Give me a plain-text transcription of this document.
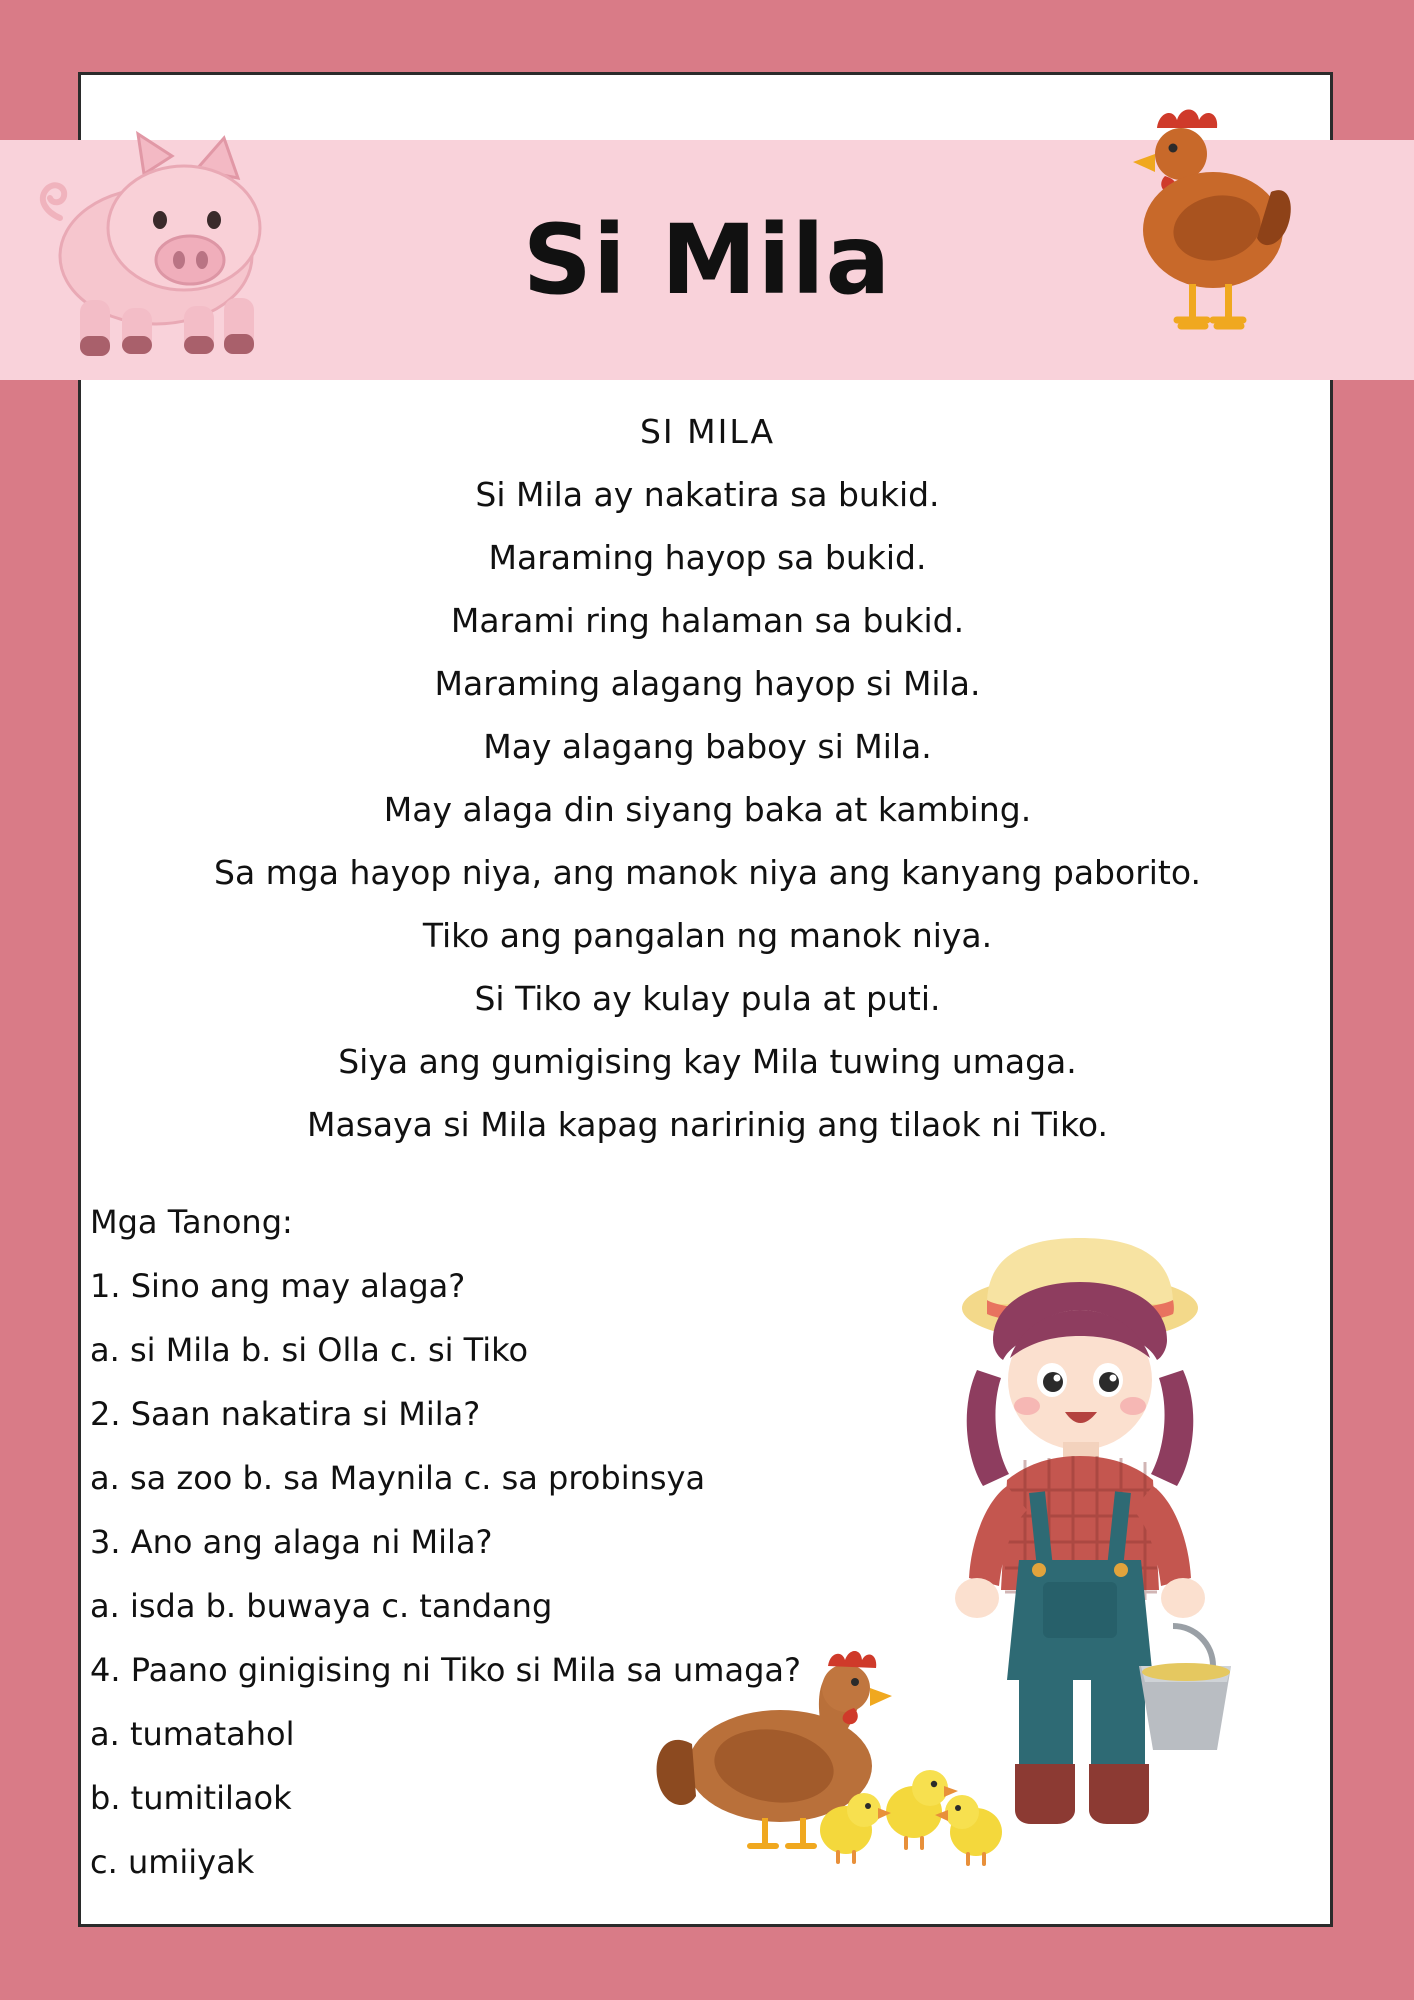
Si Mila
SI MILA
Si Mila ay nakatira sa bukid.
Maraming hayop sa bukid.
Marami ring halaman sa bukid.
Maraming alagang hayop si Mila.
May alagang baboy si Mila.
May alaga din siyang baka at kambing.
Sa mga hayop niya, ang manok niya ang kanyang paborito.
Tiko ang pangalan ng manok niya.
Si Tiko ay kulay pula at puti.
Siya ang gumigising kay Mila tuwing umaga.
Masaya si Mila kapag naririnig ang tilaok ni Tiko.
Mga Tanong:
1. Sino ang may alaga?
a. si Mila b. si Olla c. si Tiko
2. Saan nakatira si Mila?
a. sa zoo b. sa Maynila c. sa probinsya
3. Ano ang alaga ni Mila?
a. isda b. buwaya c. tandang
4. Paano ginigising ni Tiko si Mila sa umaga?
a. tumatahol
b. tumitilaok
c. umiiyak
